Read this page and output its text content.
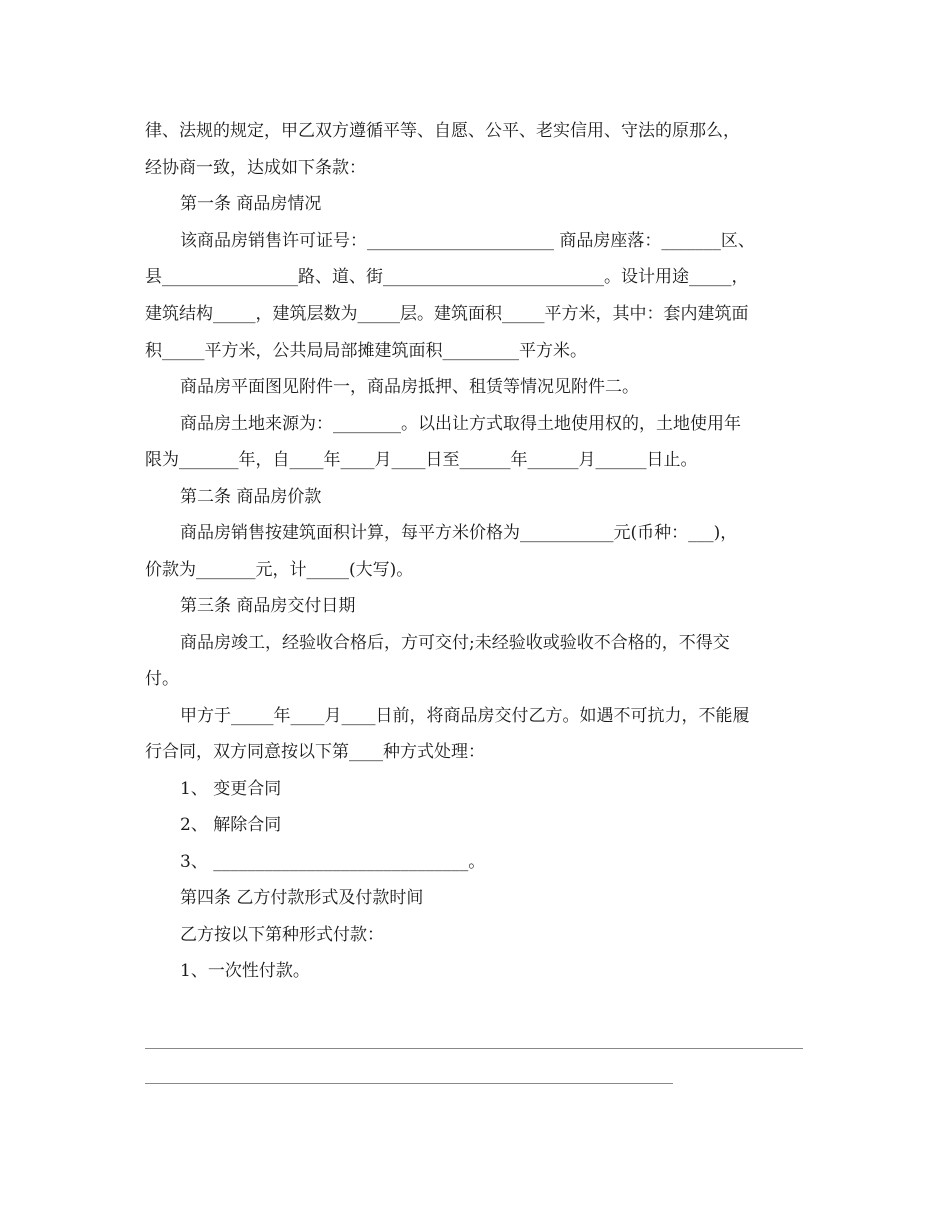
律、法规的规定，甲乙双方遵循平等、自愿、公平、老实信用、守法的原那么，
经协商一致，达成如下条款：
第一条 商品房情况
该商品房销售许可证号：______________________ 商品房座落：_______区、
县________________路、道、街__________________________。设计用途_____，
建筑结构_____，建筑层数为_____层。建筑面积_____平方米，其中：套内建筑面
积_____平方米，公共局局部摊建筑面积_________平方米。
商品房平面图见附件一，商品房抵押、租赁等情况见附件二。
商品房土地来源为：________。以出让方式取得土地使用权的，土地使用年
限为_______年，自____年____月____日至______年______月______日止。
第二条 商品房价款
商品房销售按建筑面积计算，每平方米价格为___________元(币种：___)，
价款为_______元，计_____(大写)。
第三条 商品房交付日期
商品房竣工，经验收合格后，方可交付;未经验收或验收不合格的，不得交
付。
甲方于_____年____月____日前，将商品房交付乙方。如遇不可抗力，不能履
行合同，双方同意按以下第____种方式处理：
1、 变更合同
2、 解除合同
3、 ______________________________。
第四条 乙方付款形式及付款时间
乙方按以下第种形式付款：
1、一次性付款。
